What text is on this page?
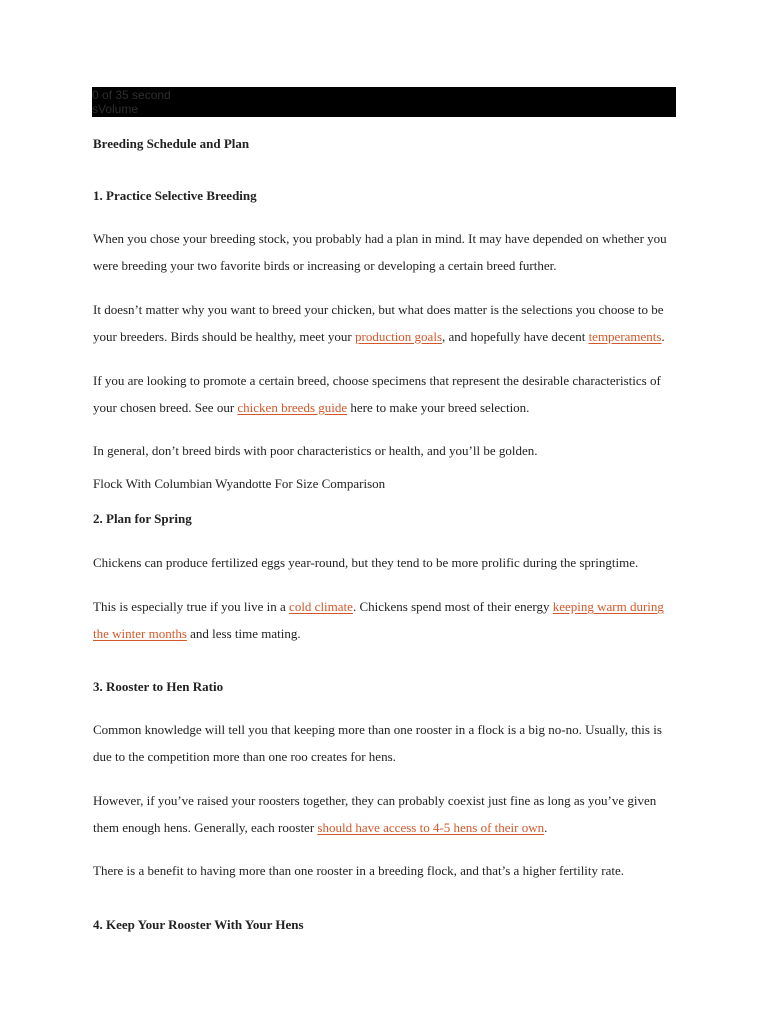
0 of 35 second
sVolume
Breeding Schedule and Plan
1. Practice Selective Breeding

When you chose your breeding stock, you probably had a plan in mind. It may have depended on whether you were breeding your two favorite birds or increasing or developing a certain breed further.

It doesn’t matter why you want to breed your chicken, but what does matter is the selections you choose to be your breeders. Birds should be healthy, meet your production goals, and hopefully have decent temperaments.

If you are looking to promote a certain breed, choose specimens that represent the desirable characteristics of your chosen breed. See our chicken breeds guide here to make your breed selection.

In general, don’t breed birds with poor characteristics or health, and you’ll be golden.

Flock With Columbian Wyandotte For Size Comparison

2. Plan for Spring

Chickens can produce fertilized eggs year-round, but they tend to be more prolific during the springtime.

This is especially true if you live in a cold climate. Chickens spend most of their energy keeping warm during the winter months and less time mating.

3. Rooster to Hen Ratio

Common knowledge will tell you that keeping more than one rooster in a flock is a big no-no. Usually, this is due to the competition more than one roo creates for hens.

However, if you’ve raised your roosters together, they can probably coexist just fine as long as you’ve given them enough hens. Generally, each rooster should have access to 4-5 hens of their own.

There is a benefit to having more than one rooster in a breeding flock, and that’s a higher fertility rate.

4. Keep Your Rooster With Your Hens
